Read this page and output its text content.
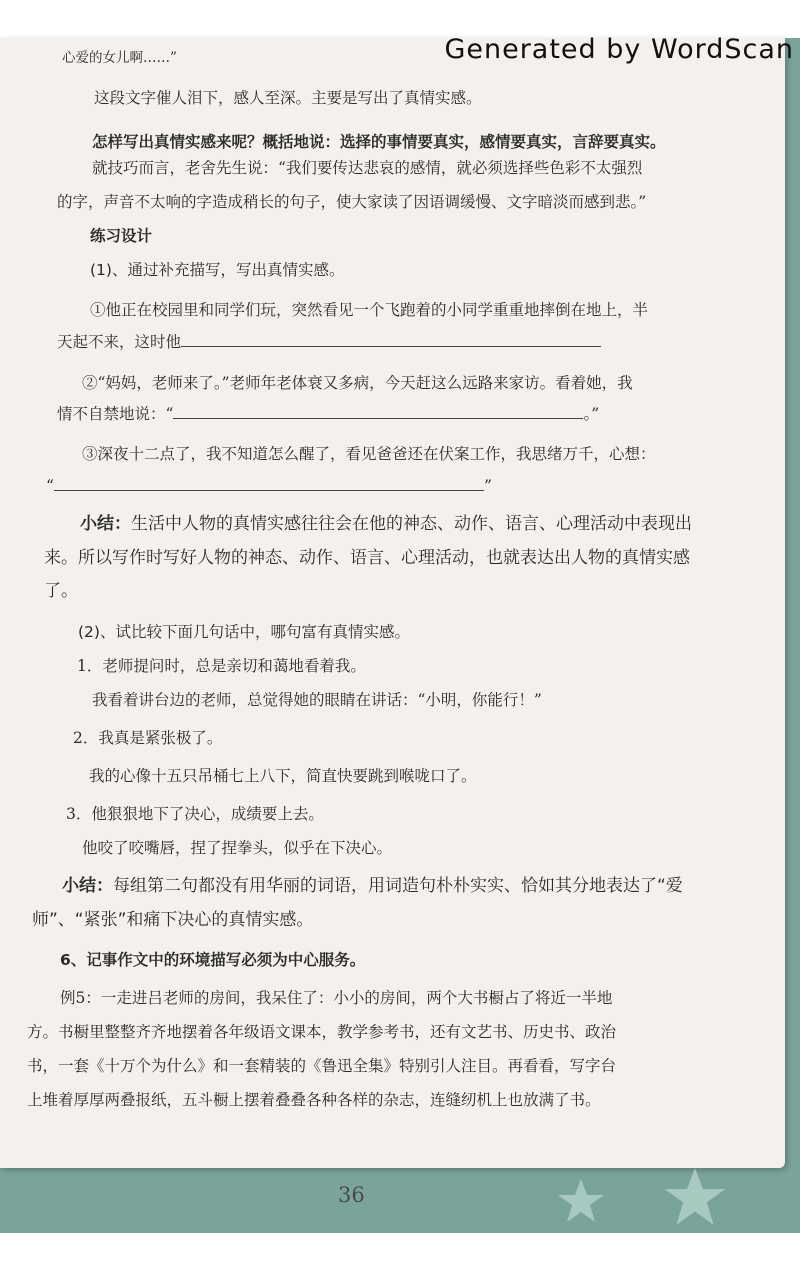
Generated by WordScan
心爱的女儿啊……”
这段文字催人泪下，感人至深。主要是写出了真情实感。
怎样写出真情实感来呢？概括地说：选择的事情要真实，感情要真实，言辞要真实。
就技巧而言，老舍先生说：“我们要传达悲哀的感情，就必须选择些色彩不太强烈
的字，声音不太响的字造成稍长的句子，使大家读了因语调缓慢、文字暗淡而感到悲。”
练习设计
(1)、通过补充描写，写出真情实感。
①他正在校园里和同学们玩，突然看见一个飞跑着的小同学重重地摔倒在地上，半
天起不来，这时他
②“妈妈，老师来了。”老师年老体衰又多病，今天赶这么远路来家访。看着她，我
情不自禁地说：“	。”
③深夜十二点了，我不知道怎么醒了，看见爸爸还在伏案工作，我思绪万千，心想：
“	”
小结：生活中人物的真情实感往往会在他的神态、动作、语言、心理活动中表现出
来。所以写作时写好人物的神态、动作、语言、心理活动，也就表达出人物的真情实感
了。
(2)、试比较下面几句话中，哪句富有真情实感。
1．老师提问时，总是亲切和蔼地看着我。
我看着讲台边的老师，总觉得她的眼睛在讲话：“小明，你能行！”
2．我真是紧张极了。
我的心像十五只吊桶七上八下，简直快要跳到喉咙口了。
3．他狠狠地下了决心，成绩要上去。
他咬了咬嘴唇，捏了捏拳头，似乎在下决心。
小结：每组第二句都没有用华丽的词语，用词造句朴朴实实、恰如其分地表达了“爱
师”、“紧张”和痛下决心的真情实感。
6、记事作文中的环境描写必须为中心服务。
例5：一走进吕老师的房间，我呆住了：小小的房间，两个大书橱占了将近一半地
方。书橱里整整齐齐地摆着各年级语文课本，教学参考书，还有文艺书、历史书、政治
书，一套《十万个为什么》和一套精装的《鲁迅全集》特别引人注目。再看看，写字台
上堆着厚厚两叠报纸，五斗橱上摆着叠叠各种各样的杂志，连缝纫机上也放满了书。
36
